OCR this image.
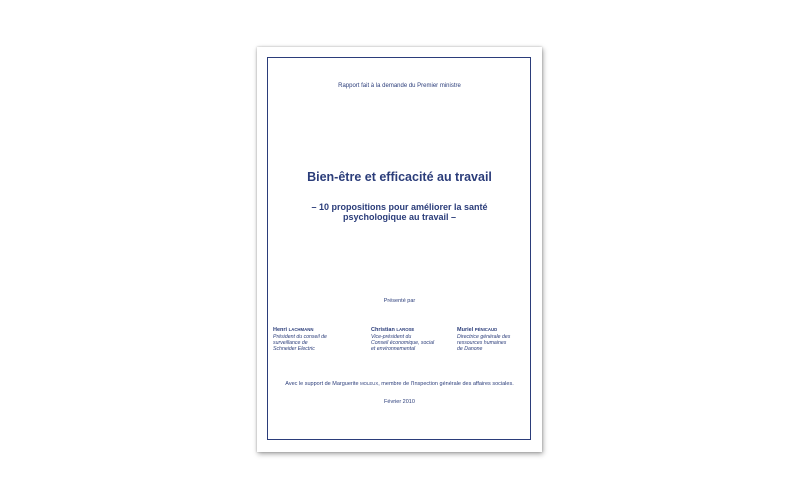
Rapport fait à la demande du Premier ministre

Bien-être et efficacité au travail

– 10 propositions pour améliorer la santé psychologique au travail –

Présenté par

Henri LACHMANN
Président du conseil de
surveillance de
Schneider Electric
Christian LAROSE
Vice-président du
Conseil économique, social
et environnemental
Muriel PÉNICAUD
Directrice générale des
ressources humaines
de Danone

Avec le support de Marguerite MOLEUX, membre de l'Inspection générale des affaires sociales.

Février 2010
